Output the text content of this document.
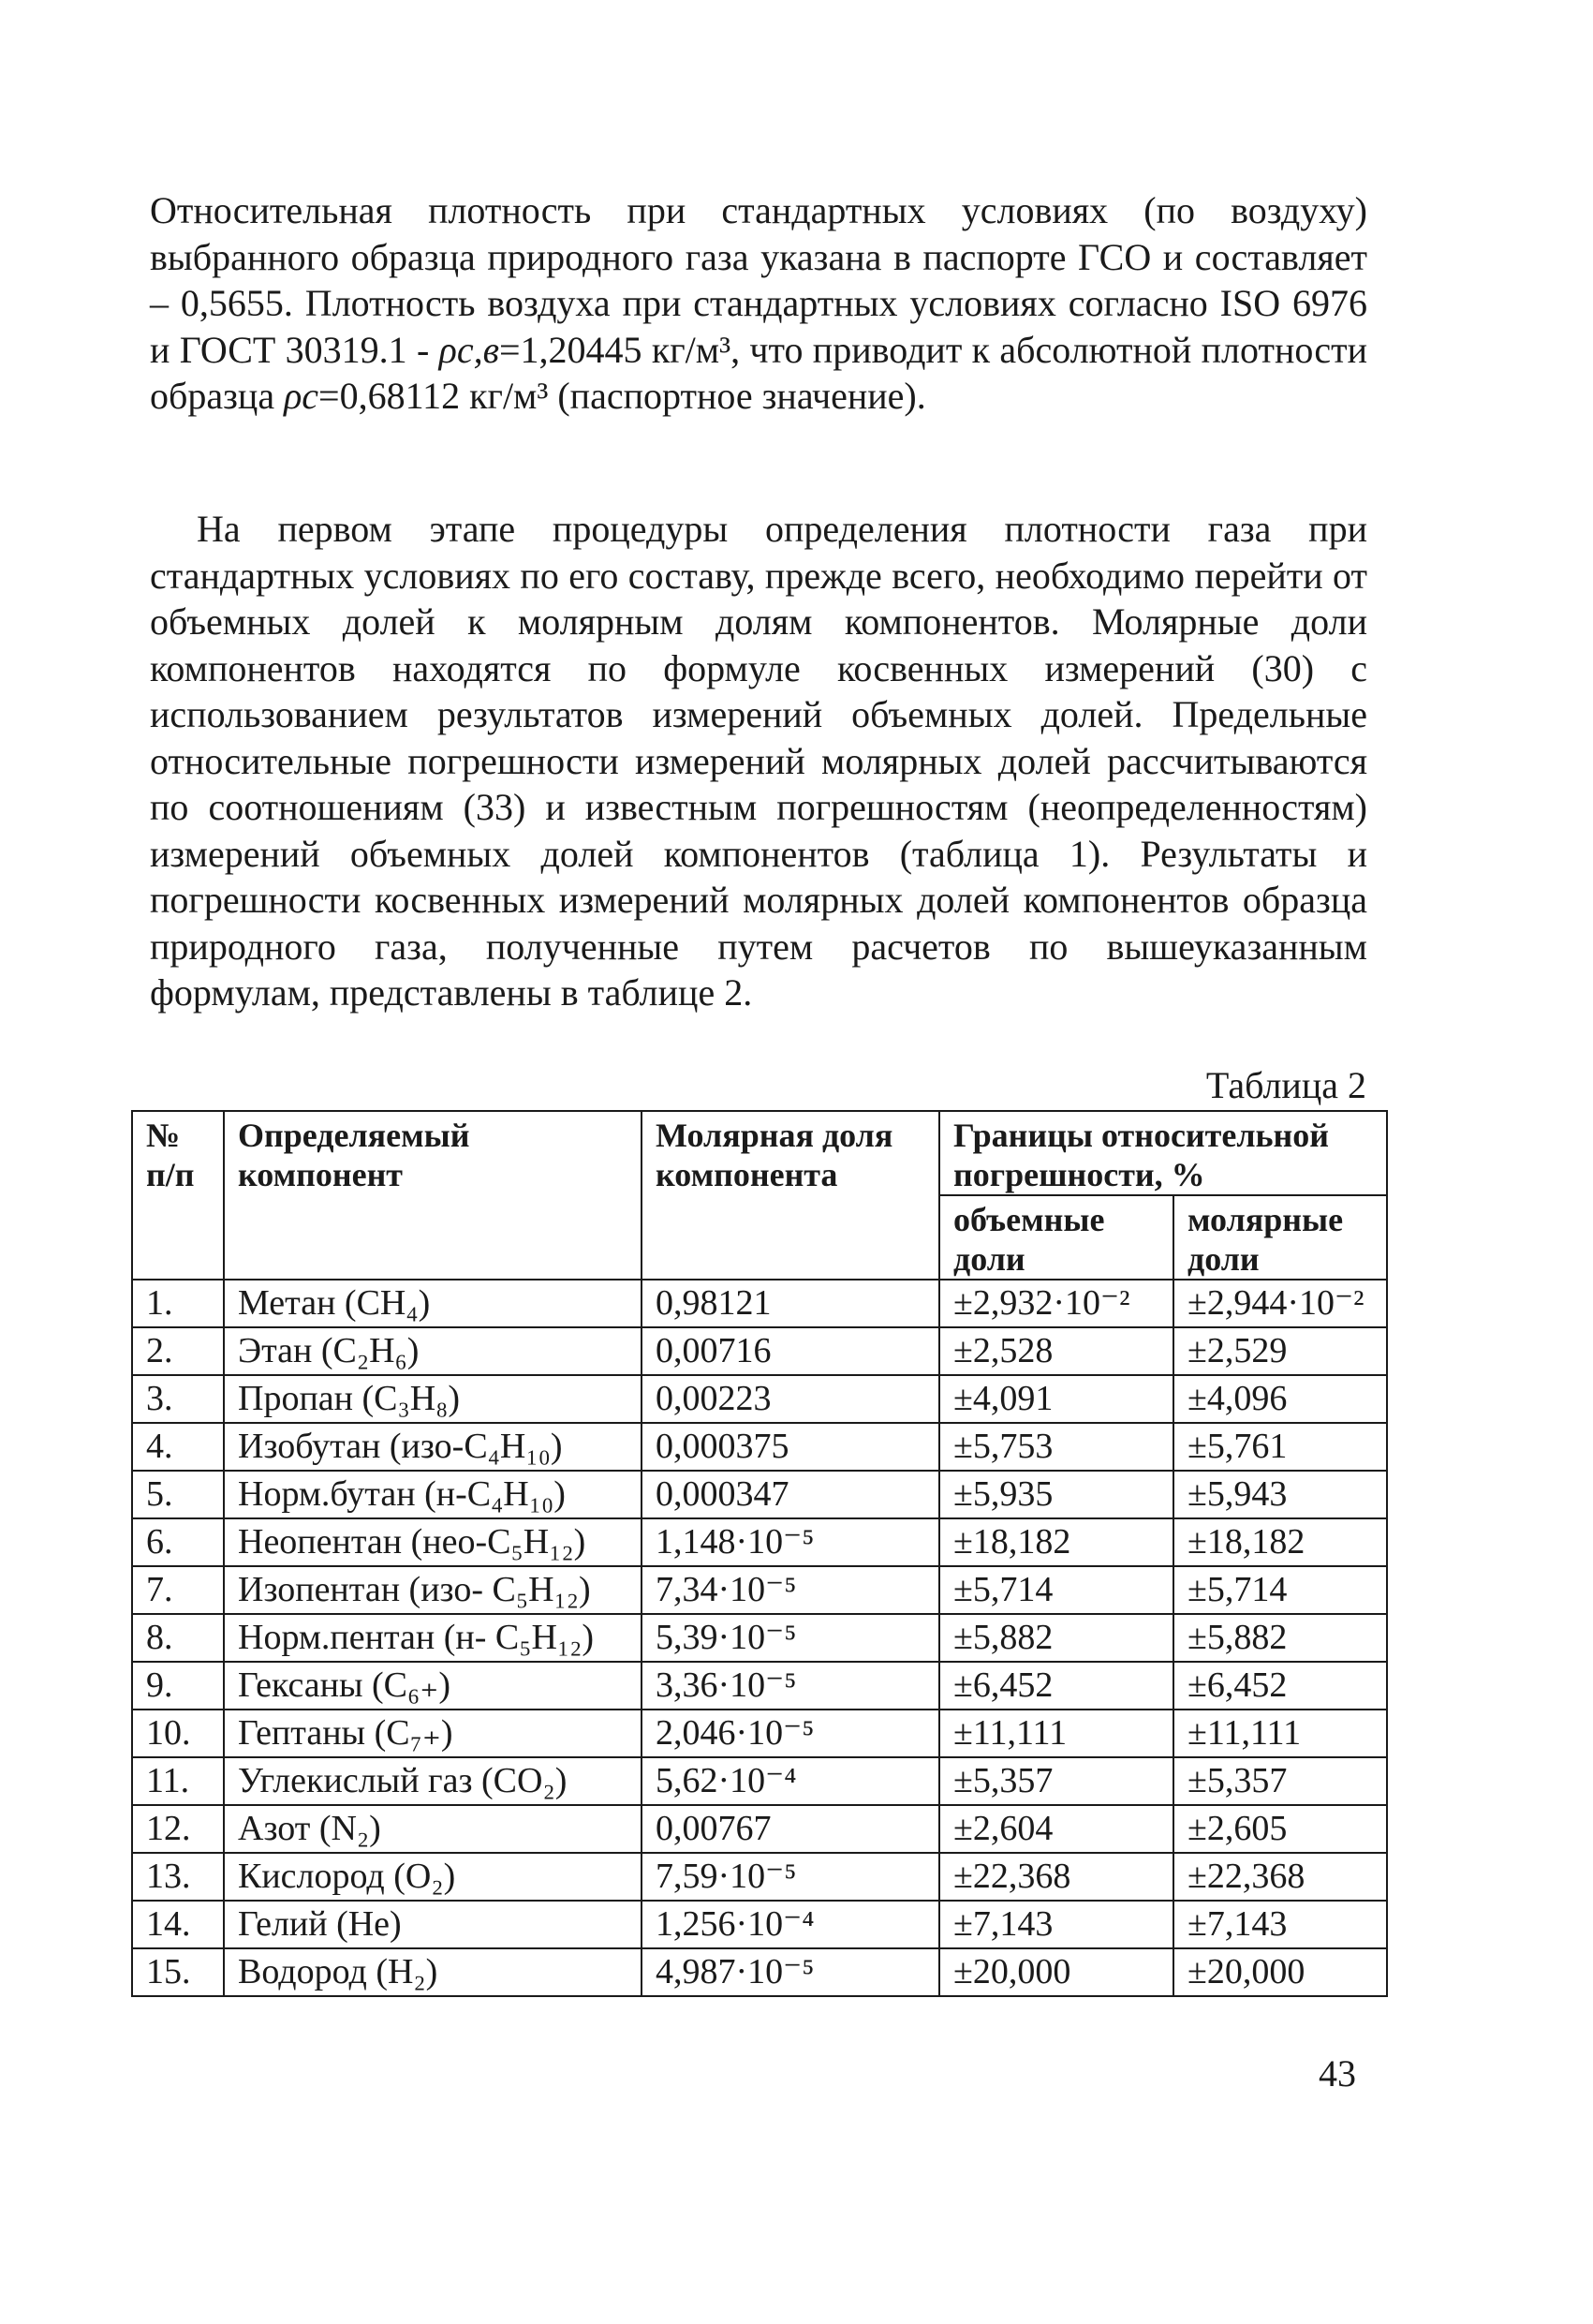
Относительная плотность при стандартных условиях (по воздуху) выбранного образца природного газа указана в паспорте ГСО и составляет – 0,5655. Плотность воздуха при стандартных условиях согласно ISO 6976 и ГОСТ 30319.1 - ρс,в=1,20445 кг/м³, что приводит к абсолютной плотности образца ρс=0,68112 кг/м³ (паспортное значение).
На первом этапе процедуры определения плотности газа при стандартных условиях по его составу, прежде всего, необходимо перейти от объемных долей к молярным долям компонентов. Молярные доли компонентов находятся по формуле косвенных измерений (30) с использованием результатов измерений объемных долей. Предельные относительные погрешности измерений молярных долей рассчитываются по соотношениям (33) и известным погрешностям (неопределенностям) измерений объемных долей компонентов (таблица 1). Результаты и погрешности косвенных измерений молярных долей компонентов образца природного газа, полученные путем расчетов по вышеуказанным формулам, представлены в таблице 2.
Таблица 2
№ п/п	Определяемый компонент	Молярная доля компонента	Границы относительной погрешности, %	
			объемные доли	молярные доли
1.	Метан (CH₄)	0,98121	±2,932·10⁻²	±2,944·10⁻²
2.	Этан (C₂H₆)	0,00716	±2,528	±2,529
3.	Пропан (C₃H₈)	0,00223	±4,091	±4,096
4.	Изобутан (изо-C₄H₁₀)	0,000375	±5,753	±5,761
5.	Норм.бутан (н-C₄H₁₀)	0,000347	±5,935	±5,943
6.	Неопентан (нео-C₅H₁₂)	1,148·10⁻⁵	±18,182	±18,182
7.	Изопентан (изо- C₅H₁₂)	7,34·10⁻⁵	±5,714	±5,714
8.	Норм.пентан (н- C₅H₁₂)	5,39·10⁻⁵	±5,882	±5,882
9.	Гексаны (C₆₊)	3,36·10⁻⁵	±6,452	±6,452
10.	Гептаны (C₇₊)	2,046·10⁻⁵	±11,111	±11,111
11.	Углекислый газ (CO₂)	5,62·10⁻⁴	±5,357	±5,357
12.	Азот (N₂)	0,00767	±2,604	±2,605
13.	Кислород (O₂)	7,59·10⁻⁵	±22,368	±22,368
14.	Гелий (He)	1,256·10⁻⁴	±7,143	±7,143
15.	Водород (H₂)	4,987·10⁻⁵	±20,000	±20,000
43
